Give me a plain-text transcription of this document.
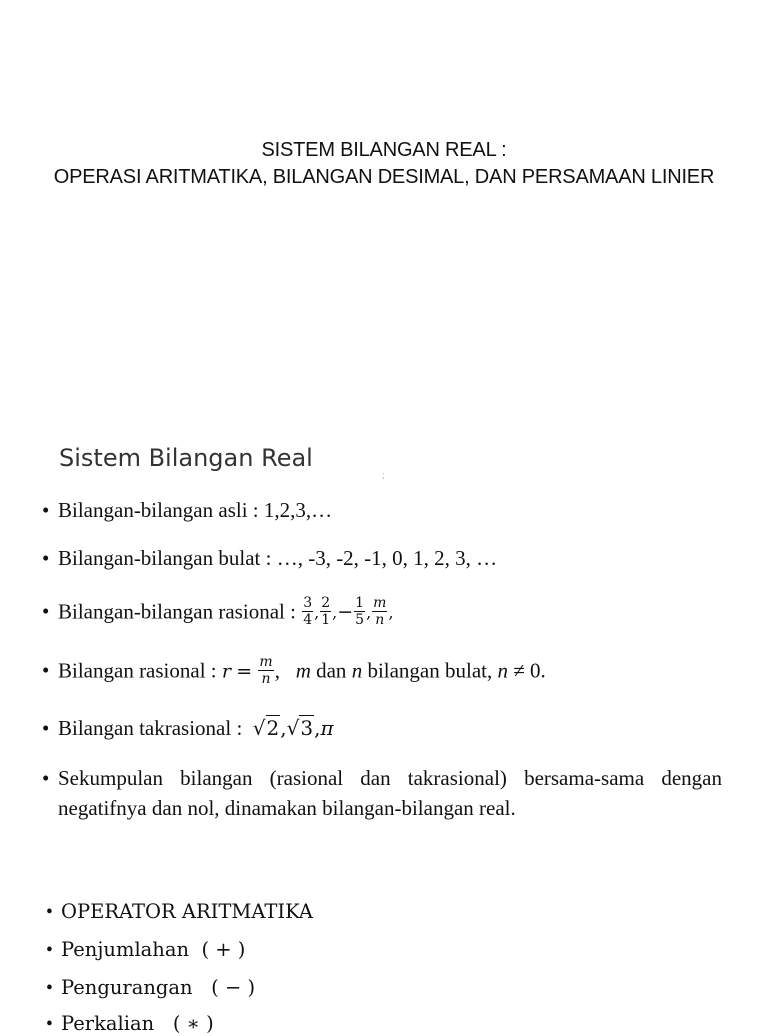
SISTEM BILANGAN REAL :
OPERASI ARITMATIKA, BILANGAN DESIMAL, DAN PERSAMAAN LINIER
Sistem Bilangan Real
;
• Bilangan-bilangan asli : 1,2,3,…
• Bilangan-bilangan bulat : …, -3, -2, -1, 0, 1, 2, 3, …
• Bilangan-bilangan rasional : $\frac{3}{4}$ , $\frac{2}{1}$ ,− $\frac{1}{5}$ , $\frac{m}{n}$ ,
• Bilangan rasional : $r = \frac{m}{n}$ , m dan n bilangan bulat, n ≠ 0.
• Bilangan takrasional : √2,√3,π
• Sekumpulan bilangan (rasional dan takrasional) bersama-sama dengan negatifnya dan nol, dinamakan bilangan-bilangan real.
• OPERATOR ARITMATIKA
• Penjumlahan ( + )
• Pengurangan ( − )
• Perkalian ( ∗ )
